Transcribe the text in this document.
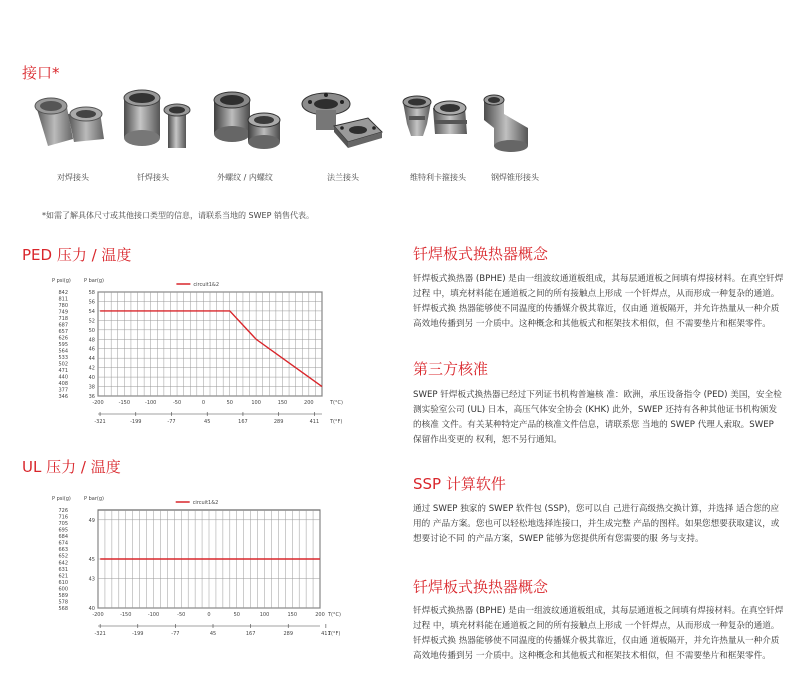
接口*
对焊接头	钎焊接头	外螺纹 / 内螺纹	法兰接头	维特利卡箍接头	钢焊锥形接头
*如需了解具体尺寸或其他接口类型的信息，请联系当地的 SWEP 销售代表。
PED 压力 / 温度
36
38
40
42
44
46
48
50
52
54
56
58
842
811
780
749
718
687
657
626
595
564
533
502
471
440
408
377
346
P psi(g)	P bar(g)
-200	-150	-100	-50	0	50	100	150	200	T(°C)
-321	-199	-77	45	167	289	411 T(°F)
circuit1&2
UL 压力 / 温度
40
43
45
49
726
716
705
695
684
674
663
652
642
631
621
610
600
589
578
568
P psi(g)	P bar(g)
-200	-150	-100	-50	0	50	100	150	200 T(°C)
-321	-199	-77	45	167	289	411
T(°F)
circuit1&2
钎焊板式换热器概念

钎焊板式换热器 (BPHE) 是由一组波纹通道板组成，其每层通道板之间填有焊接材料。在真空钎焊过程 中，填充材料能在通道板之间的所有接触点上形成 一个钎焊点，从而形成一种复杂的通道。钎焊板式换 热器能够使不同温度的传播媒介极其靠近，仅由通 道板隔开，并允许热量从一种介质高效地传播到另 一介质中。这种概念和其他板式和框架技术相似，但 不需要垫片和框架零件。

第三方核准

SWEP 钎焊板式换热器已经过下列证书机构普遍核 准：欧洲，承压设备指令 (PED) 美国，安全检测实验室公司 (UL) 日本，高压气体安全协会 (KHK) 此外，SWEP 还持有各种其他证书机构颁发的核准 文件。有关某种特定产品的核准文件信息，请联系您 当地的 SWEP 代理人索取。SWEP 保留作出变更的 权利，恕不另行通知。

SSP 计算软件

通过 SWEP 独家的 SWEP 软件包 (SSP)，您可以自 己进行高级热交换计算，并选择 适合您的应用的 产品方案。您也可以轻松地选择连接口，并生成完整 产品的图样。如果您想要获取建议，或想要讨论不同 的产品方案，SWEP 能够为您提供所有您需要的服 务与支持。

钎焊板式换热器概念

钎焊板式换热器 (BPHE) 是由一组波纹通道板组成，其每层通道板之间填有焊接材料。在真空钎焊过程 中，填充材料能在通道板之间的所有接触点上形成 一个钎焊点，从而形成一种复杂的通道。钎焊板式换 热器能够使不同温度的传播媒介极其靠近，仅由通 道板隔开，并允许热量从一种介质高效地传播到另 一介质中。这种概念和其他板式和框架技术相似，但 不需要垫片和框架零件。
